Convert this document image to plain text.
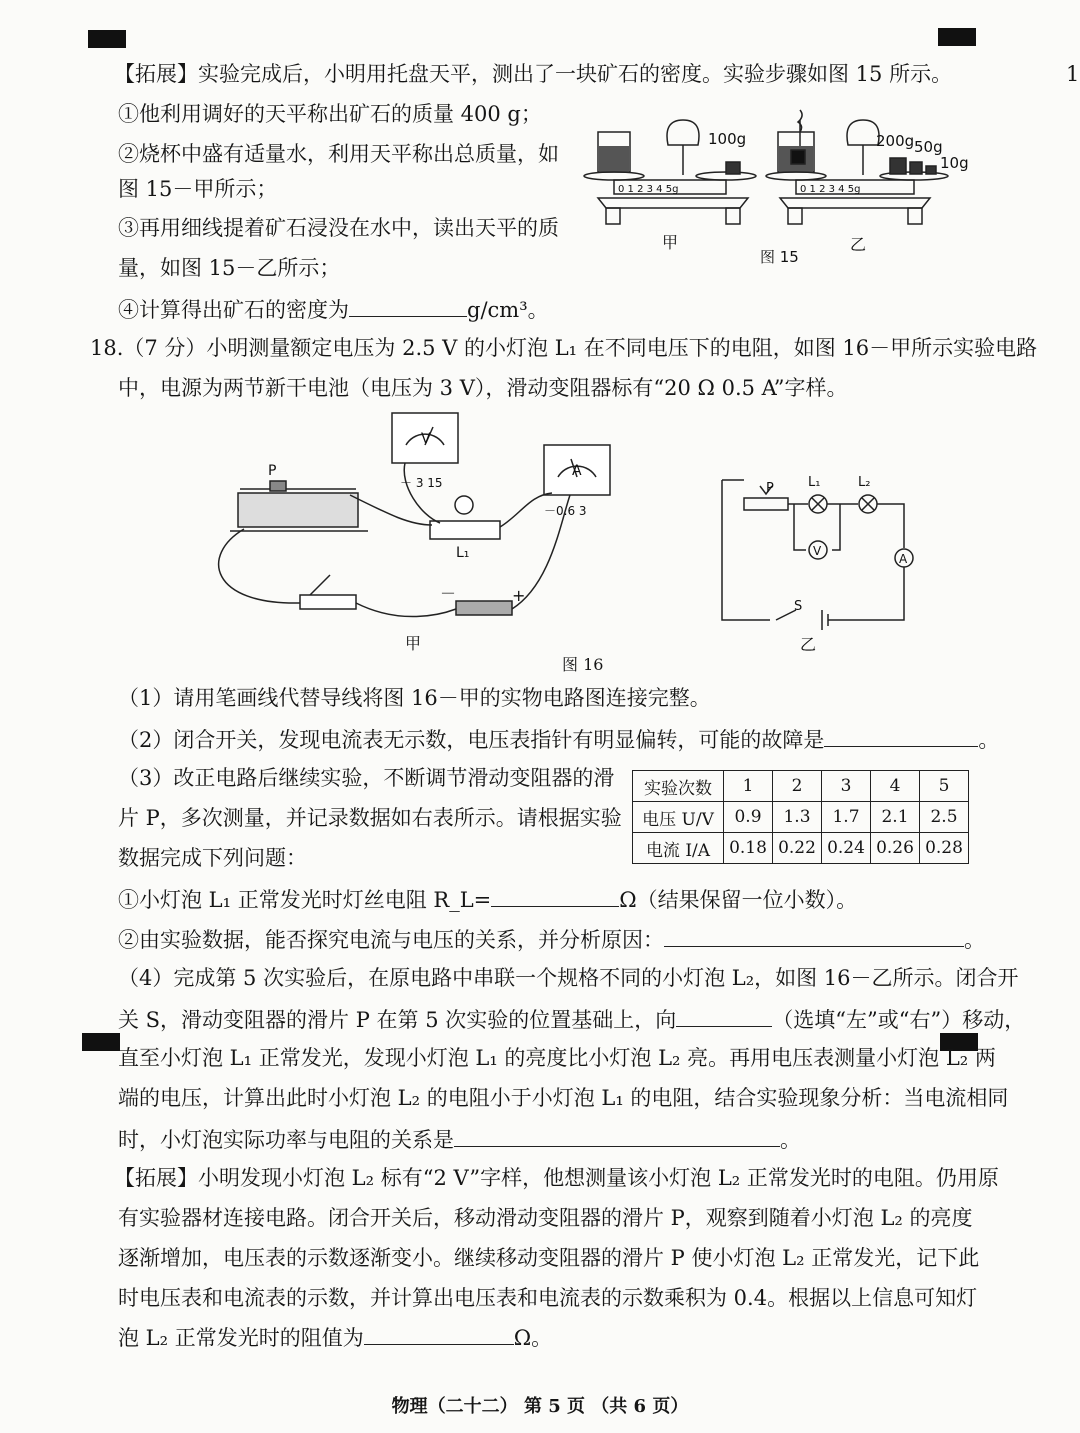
1
【拓展】实验完成后，小明用托盘天平，测出了一块矿石的密度。实验步骤如图 15 所示。
①他利用调好的天平称出矿石的质量 400 g；
②烧杯中盛有适量水，利用天平称出总质量，如
图 15－甲所示；
③再用细线提着矿石浸没在水中，读出天平的质
量，如图 15－乙所示；
④计算得出矿石的密度为	g/cm³。
100g
0 1 2 3 4 5g
甲
200g 50g
10g
0 1 2 3 4 5g
乙
图 15
18.（7 分）小明测量额定电压为 2.5 V 的小灯泡 L₁ 在不同电压下的电阻，如图 16－甲所示实验电路
中，电源为两节新干电池（电压为 3 V），滑动变阻器标有“20 Ω 0.5 A”字样。
V
－ 3 15
A
－0.6 3
P
L₁
－	+
甲
P	L₁	L₂
V
A
S
乙
图 16
（1）请用笔画线代替导线将图 16－甲的实物电路图连接完整。
（2）闭合开关，发现电流表无示数，电压表指针有明显偏转，可能的故障是	。
（3）改正电路后继续实验，不断调节滑动变阻器的滑
片 P，多次测量，并记录数据如右表所示。请根据实验
数据完成下列问题：
实验次数	1	2	3	4	5
电压 U/V	0.9	1.3	1.7	2.1	2.5
电流 I/A	0.18	0.22	0.24	0.26	0.28
①小灯泡 L₁ 正常发光时灯丝电阻 R_L=	Ω（结果保留一位小数）。
②由实验数据，能否探究电流与电压的关系，并分析原因：	。
（4）完成第 5 次实验后，在原电路中串联一个规格不同的小灯泡 L₂，如图 16－乙所示。闭合开
关 S，滑动变阻器的滑片 P 在第 5 次实验的位置基础上，向	（选填“左”或“右”）移动，
直至小灯泡 L₁ 正常发光，发现小灯泡 L₁ 的亮度比小灯泡 L₂ 亮。再用电压表测量小灯泡 L₂ 两
端的电压，计算出此时小灯泡 L₂ 的电阻小于小灯泡 L₁ 的电阻，结合实验现象分析：当电流相同
时，小灯泡实际功率与电阻的关系是	。
【拓展】小明发现小灯泡 L₂ 标有“2 V”字样，他想测量该小灯泡 L₂ 正常发光时的电阻。仍用原
有实验器材连接电路。闭合开关后，移动滑动变阻器的滑片 P，观察到随着小灯泡 L₂ 的亮度
逐渐增加，电压表的示数逐渐变小。继续移动变阻器的滑片 P 使小灯泡 L₂ 正常发光，记下此
时电压表和电流表的示数，并计算出电压表和电流表的示数乘积为 0.4。根据以上信息可知灯
泡 L₂ 正常发光时的阻值为	Ω。
物理（二十二） 第 5 页 （共 6 页）
